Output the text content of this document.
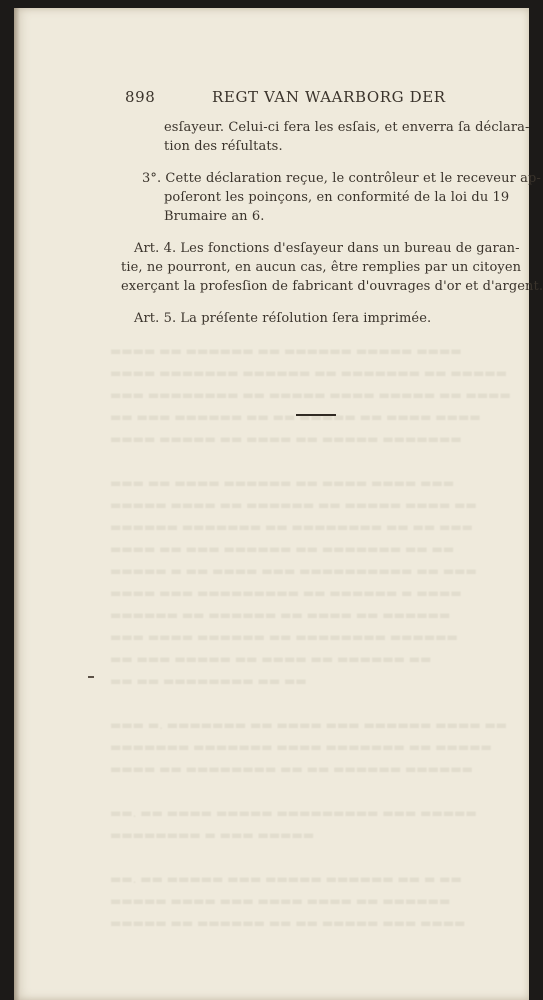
898	REGT VAN WAARBORG DER
esſayeur. Celui-ci fera les esſais, et enverra ſa déclara-
tion des réſultats.
3°. Cette déclaration reçue, le contrôleur et le receveur ap-
poſeront les poinçons, en conformité de la loi du 19
Brumaire an 6.
Art. 4. Les fonctions d'esſayeur dans un bureau de garan-
tie, ne pourront, en aucun cas, être remplies par un citoyen
exerçant la profesſion de fabricant d'ouvrages d'or et d'argent.
Art. 5. La préſente réſolution ſera imprimée.
▬▬▬▬ ▬▬ ▬▬▬▬▬▬ ▬▬ ▬▬▬▬▬▬ ▬▬▬▬▬ ▬▬▬▬
▬▬▬▬ ▬▬▬▬▬▬▬ ▬▬▬▬▬▬ ▬▬ ▬▬▬▬▬▬▬ ▬▬ ▬▬▬▬▬
▬▬▬ ▬▬▬▬▬▬▬▬ ▬▬ ▬▬▬▬▬ ▬▬▬▬ ▬▬▬▬▬ ▬▬ ▬▬▬▬
▬▬ ▬▬▬ ▬▬▬▬▬▬ ▬▬ ▬▬ ▬▬▬▬▬ ▬▬ ▬▬▬▬ ▬▬▬▬
▬▬▬▬ ▬▬▬▬▬ ▬▬ ▬▬▬▬ ▬▬ ▬▬▬▬▬ ▬▬▬▬▬▬▬

▬▬▬ ▬▬ ▬▬▬▬ ▬▬▬▬▬▬ ▬▬ ▬▬▬▬ ▬▬▬▬ ▬▬▬
▬▬▬▬▬ ▬▬▬▬ ▬▬ ▬▬▬▬▬▬ ▬▬ ▬▬▬▬▬ ▬▬▬▬ ▬▬
▬▬▬▬▬▬ ▬▬▬▬▬▬▬ ▬▬ ▬▬▬▬▬▬▬▬ ▬▬ ▬▬ ▬▬▬
▬▬▬▬ ▬▬ ▬▬▬ ▬▬▬▬▬▬ ▬▬ ▬▬▬▬▬▬▬ ▬▬ ▬▬
▬▬▬▬▬ ▬ ▬▬ ▬▬▬▬ ▬▬▬ ▬▬▬▬▬▬▬▬▬▬ ▬▬ ▬▬▬
▬▬▬▬ ▬▬▬ ▬▬▬▬▬▬▬▬▬ ▬▬ ▬▬▬▬▬▬ ▬ ▬▬▬▬
▬▬▬▬▬▬ ▬▬ ▬▬▬▬▬▬ ▬▬ ▬▬▬▬ ▬▬ ▬▬▬▬▬▬
▬▬▬ ▬▬▬▬ ▬▬▬▬▬▬ ▬▬ ▬▬▬▬▬▬▬▬ ▬▬▬▬▬▬
▬▬ ▬▬▬ ▬▬▬▬▬ ▬▬ ▬▬▬▬ ▬▬ ▬▬▬▬▬▬ ▬▬
▬▬ ▬▬ ▬▬▬▬▬▬▬▬ ▬▬ ▬▬

▬▬▬ ▬. ▬▬▬▬▬▬▬ ▬▬ ▬▬▬▬ ▬▬▬ ▬▬▬▬▬▬ ▬▬▬▬ ▬▬
▬▬▬▬▬▬▬ ▬▬▬▬▬▬▬ ▬▬▬▬ ▬▬▬▬▬▬▬ ▬▬ ▬▬▬▬▬
▬▬▬▬ ▬▬ ▬▬▬▬▬▬▬▬ ▬▬ ▬▬ ▬▬▬▬▬▬ ▬▬▬▬▬▬

▬▬. ▬▬ ▬▬▬▬ ▬▬▬▬▬ ▬▬▬▬▬▬▬▬▬ ▬▬▬ ▬▬▬▬▬
▬▬▬▬▬▬▬▬ ▬ ▬▬▬ ▬▬▬▬▬

▬▬. ▬▬ ▬▬▬▬▬ ▬▬▬ ▬▬▬▬▬ ▬▬▬▬▬▬ ▬▬ ▬ ▬▬
▬▬▬▬▬ ▬▬▬▬ ▬▬▬ ▬▬▬▬ ▬▬▬▬ ▬▬ ▬▬▬▬▬▬
▬▬▬▬▬ ▬▬ ▬▬▬▬▬▬ ▬▬ ▬▬ ▬▬▬▬▬ ▬▬▬ ▬▬▬▬
